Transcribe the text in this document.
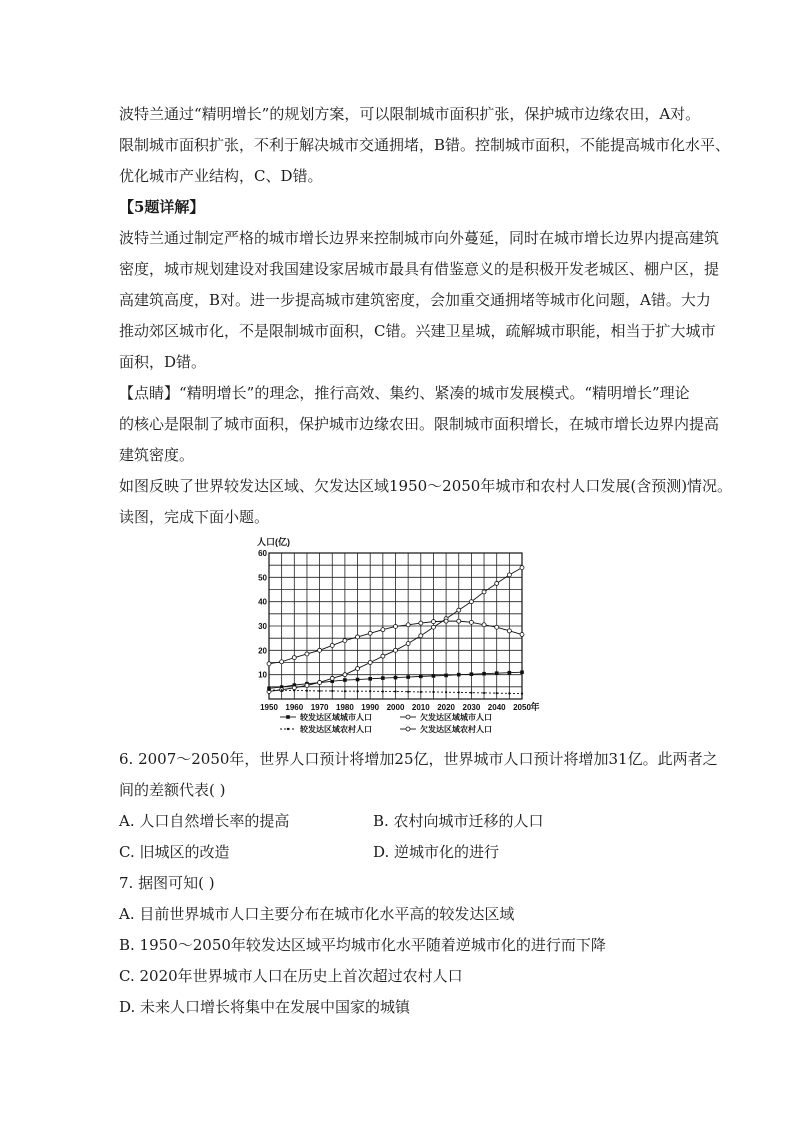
波特兰通过“精明增长”的规划方案，可以限制城市面积扩张，保护城市边缘农田，A对。
限制城市面积扩张，不利于解决城市交通拥堵，B错。控制城市面积，不能提高城市化水平、
优化城市产业结构，C、D错。
【5题详解】
波特兰通过制定严格的城市增长边界来控制城市向外蔓延，同时在城市增长边界内提高建筑
密度，城市规划建设对我国建设家居城市最具有借鉴意义的是积极开发老城区、棚户区，提
高建筑高度，B对。进一步提高城市建筑密度，会加重交通拥堵等城市化问题，A错。大力
推动郊区城市化，不是限制城市面积，C错。兴建卫星城，疏解城市职能，相当于扩大城市
面积，D错。
【点睛】“精明增长”的理念，推行高效、集约、紧凑的城市发展模式。“精明增长”理论
的核心是限制了城市面积，保护城市边缘农田。限制城市面积增长，在城市增长边界内提高
建筑密度。
如图反映了世界较发达区域、欠发达区域1950～2050年城市和农村人口发展(含预测)情况。
读图，完成下面小题。
10
20
30
40
50
60
1950 1960 1970 1980 1990 2000 2010 2020 2030 2040 2050
人口(亿)
年
较发达区域城市人口	欠发达区域城市人口
较发达区域农村人口	欠发达区域农村人口
6. 2007～2050年，世界人口预计将增加25亿，世界城市人口预计将增加31亿。此两者之
间的差额代表( )
A. 人口自然增长率的提高	B. 农村向城市迁移的人口
C. 旧城区的改造	D. 逆城市化的进行
7. 据图可知( )
A. 目前世界城市人口主要分布在城市化水平高的较发达区域
B. 1950～2050年较发达区域平均城市化水平随着逆城市化的进行而下降
C. 2020年世界城市人口在历史上首次超过农村人口
D. 未来人口增长将集中在发展中国家的城镇
